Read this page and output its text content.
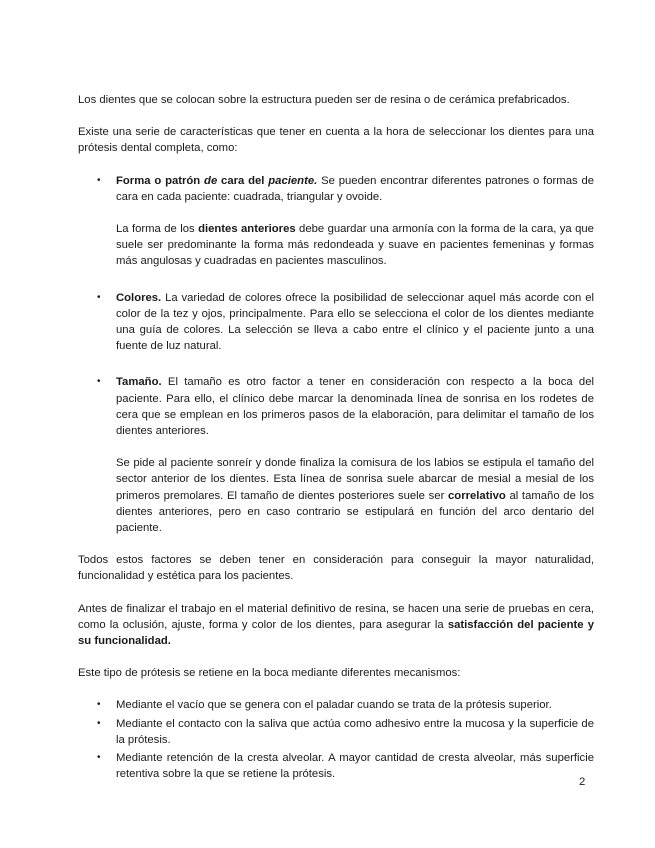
Los dientes que se colocan sobre la estructura pueden ser de resina o de cerámica prefabricados.

Existe una serie de características que tener en cuenta a la hora de seleccionar los dientes para una prótesis dental completa, como:

• Forma o patrón de cara del paciente. Se pueden encontrar diferentes patrones o formas de cara en cada paciente: cuadrada, triangular y ovoide.

La forma de los dientes anteriores debe guardar una armonía con la forma de la cara, ya que suele ser predominante la forma más redondeada y suave en pacientes femeninas y formas más angulosas y cuadradas en pacientes masculinos.

• Colores. La variedad de colores ofrece la posibilidad de seleccionar aquel más acorde con el color de la tez y ojos, principalmente. Para ello se selecciona el color de los dientes mediante una guía de colores. La selección se lleva a cabo entre el clínico y el paciente junto a una fuente de luz natural.

• Tamaño. El tamaño es otro factor a tener en consideración con respecto a la boca del paciente. Para ello, el clínico debe marcar la denominada línea de sonrisa en los rodetes de cera que se emplean en los primeros pasos de la elaboración, para delimitar el tamaño de los dientes anteriores.

Se pide al paciente sonreír y donde finaliza la comisura de los labios se estipula el tamaño del sector anterior de los dientes. Esta línea de sonrisa suele abarcar de mesial a mesial de los primeros premolares. El tamaño de dientes posteriores suele ser correlativo al tamaño de los dientes anteriores, pero en caso contrario se estipulará en función del arco dentario del paciente.

Todos estos factores se deben tener en consideración para conseguir la mayor naturalidad, funcionalidad y estética para los pacientes.

Antes de finalizar el trabajo en el material definitivo de resina, se hacen una serie de pruebas en cera, como la oclusión, ajuste, forma y color de los dientes, para asegurar la satisfacción del paciente y su funcionalidad.

Este tipo de prótesis se retiene en la boca mediante diferentes mecanismos:

• Mediante el vacío que se genera con el paladar cuando se trata de la prótesis superior.

• Mediante el contacto con la saliva que actúa como adhesivo entre la mucosa y la superficie de la prótesis.

• Mediante retención de la cresta alveolar. A mayor cantidad de cresta alveolar, más superficie retentiva sobre la que se retiene la prótesis.

2
